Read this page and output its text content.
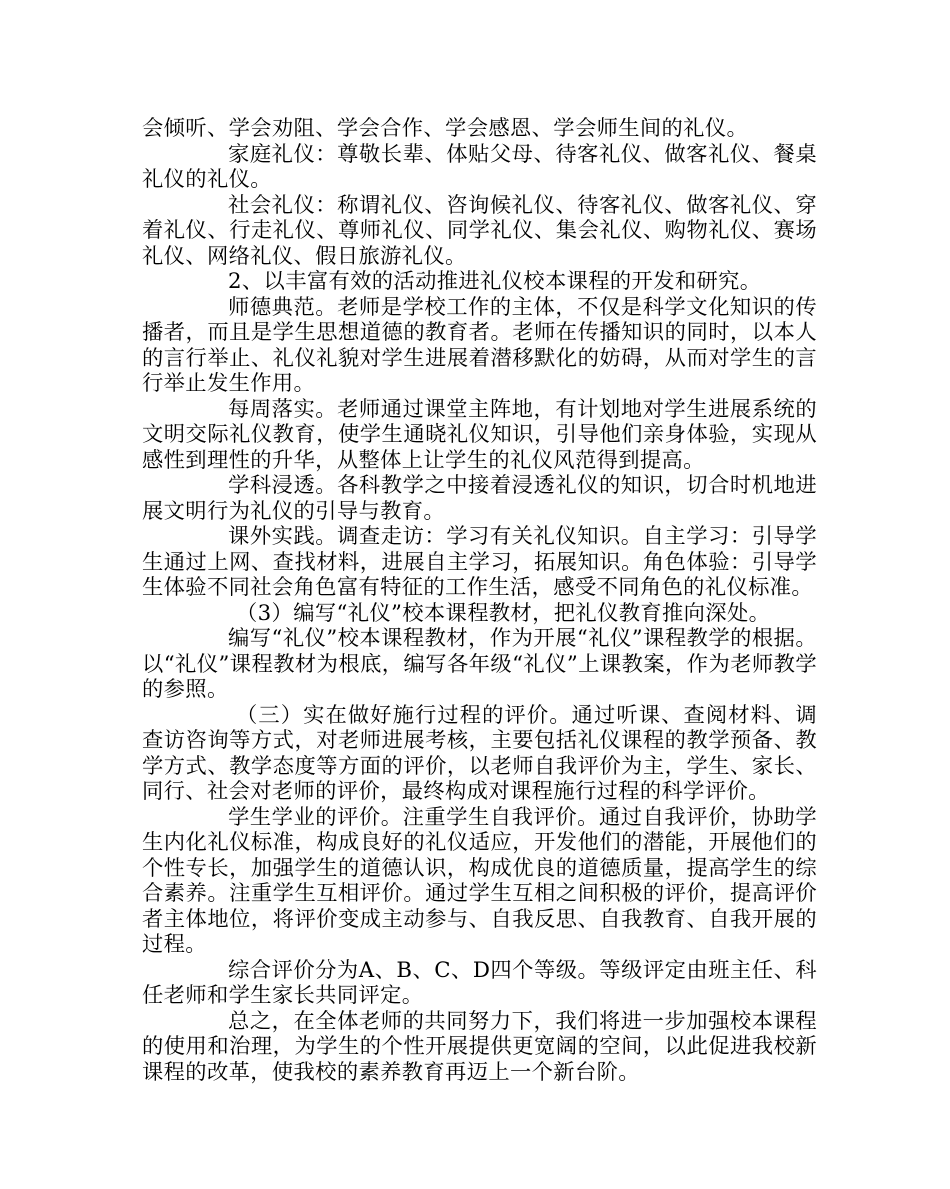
会倾听、学会劝阻、学会合作、学会感恩、学会师生间的礼仪。

家庭礼仪：尊敬长辈、体贴父母、待客礼仪、做客礼仪、餐桌礼仪的礼仪。

社会礼仪：称谓礼仪、咨询候礼仪、待客礼仪、做客礼仪、穿着礼仪、行走礼仪、尊师礼仪、同学礼仪、集会礼仪、购物礼仪、赛场礼仪、网络礼仪、假日旅游礼仪。

2、以丰富有效的活动推进礼仪校本课程的开发和研究。

师德典范。老师是学校工作的主体，不仅是科学文化知识的传播者，而且是学生思想道德的教育者。老师在传播知识的同时，以本人的言行举止、礼仪礼貌对学生进展着潜移默化的妨碍，从而对学生的言行举止发生作用。

每周落实。老师通过课堂主阵地，有计划地对学生进展系统的文明交际礼仪教育，使学生通晓礼仪知识，引导他们亲身体验，实现从感性到理性的升华，从整体上让学生的礼仪风范得到提高。

学科浸透。各科教学之中接着浸透礼仪的知识，切合时机地进展文明行为礼仪的引导与教育。

课外实践。调查走访：学习有关礼仪知识。自主学习：引导学生通过上网、查找材料，进展自主学习，拓展知识。角色体验：引导学生体验不同社会角色富有特征的工作生活，感受不同角色的礼仪标准。

（3）编写“礼仪”校本课程教材，把礼仪教育推向深处。

编写“礼仪”校本课程教材，作为开展“礼仪”课程教学的根据。以“礼仪”课程教材为根底，编写各年级“礼仪”上课教案，作为老师教学的参照。

（三）实在做好施行过程的评价。通过听课、查阅材料、调查访咨询等方式，对老师进展考核，主要包括礼仪课程的教学预备、教学方式、教学态度等方面的评价，以老师自我评价为主，学生、家长、同行、社会对老师的评价，最终构成对课程施行过程的科学评价。

学生学业的评价。注重学生自我评价。通过自我评价，协助学生内化礼仪标准，构成良好的礼仪适应，开发他们的潜能，开展他们的个性专长，加强学生的道德认识，构成优良的道德质量，提高学生的综合素养。注重学生互相评价。通过学生互相之间积极的评价，提高评价者主体地位，将评价变成主动参与、自我反思、自我教育、自我开展的过程。

综合评价分为A、B、C、D四个等级。等级评定由班主任、科任老师和学生家长共同评定。

总之，在全体老师的共同努力下，我们将进一步加强校本课程的使用和治理，为学生的个性开展提供更宽阔的空间，以此促进我校新课程的改革，使我校的素养教育再迈上一个新台阶。
